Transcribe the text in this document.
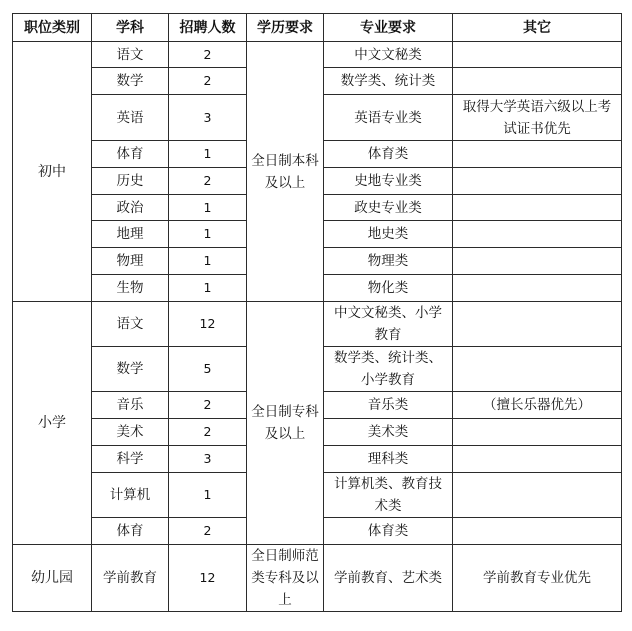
职位类别	学科	招聘人数	学历要求	专业要求	其它
初中	语文	2	全日制本科及以上	中文文秘类	
	数学	2		数学类、统计类	
	英语	3		英语专业类	取得大学英语六级以上考试证书优先
	体育	1		体育类	
	历史	2		史地专业类	
	政治	1		政史专业类	
	地理	1		地史类	
	物理	1		物理类	
	生物	1		物化类	
小学	语文	12	全日制专科及以上	中文文秘类、小学教育	
	数学	5		数学类、统计类、小学教育	
	音乐	2		音乐类	（擅长乐器优先）
	美术	2		美术类	
	科学	3		理科类	
	计算机	1		计算机类、教育技术类	
	体育	2		体育类	
幼儿园	学前教育	12	全日制师范类专科及以上	学前教育、艺术类	学前教育专业优先
